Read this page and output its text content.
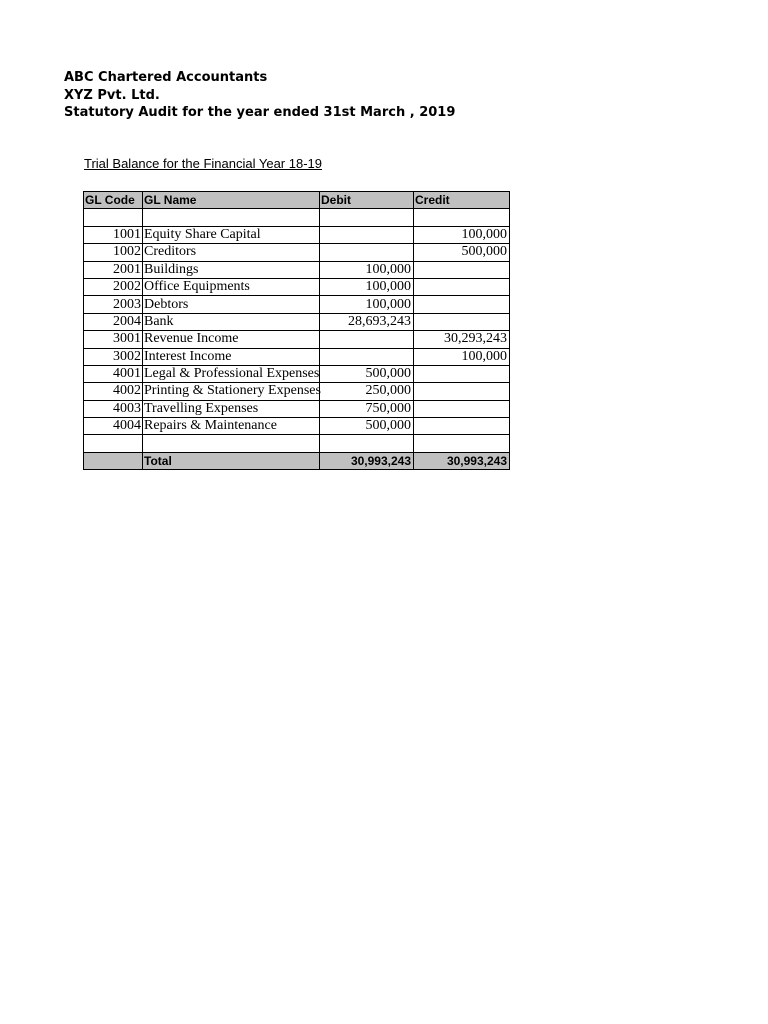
ABC Chartered Accountants
XYZ Pvt. Ltd.
Statutory Audit for the year ended 31st March , 2019
Trial Balance for the Financial Year 18-19
GL Code	GL Name	Debit	Credit

1001	Equity Share Capital		100,000
1002	Creditors		500,000
2001	Buildings	100,000	
2002	Office Equipments	100,000	
2003	Debtors	100,000	
2004	Bank	28,693,243	
3001	Revenue Income		30,293,243
3002	Interest Income		100,000
4001	Legal & Professional Expenses	500,000	
4002	Printing & Stationery Expenses	250,000	
4003	Travelling Expenses	750,000	
4004	Repairs & Maintenance	500,000	

	Total	30,993,243	30,993,243
